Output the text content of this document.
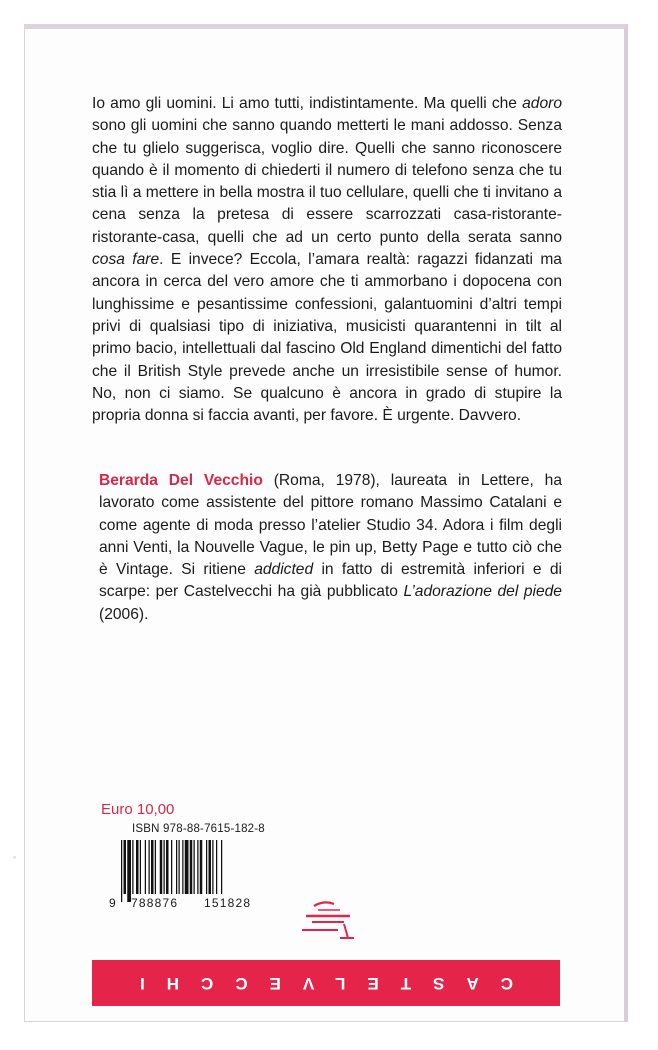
◦

Io amo gli uomini. Li amo tutti, indistintamente. Ma quelli che adoro sono gli uomini che sanno quando metterti le mani addosso. Senza che tu glielo suggerisca, voglio dire. Quelli che sanno riconoscere quando è il momento di chiederti il numero di telefono senza che tu stia lì a mettere in bella mostra il tuo cellulare, quelli che ti invitano a cena senza la pretesa di essere scarrozzati casa-ristorante-ristorante-casa, quelli che ad un certo punto della serata sanno cosa fare. E invece? Eccola, l’amara realtà: ragazzi fidanzati ma ancora in cerca del vero amore che ti ammorbano i dopocena con lunghissime e pesantissime confessioni, galantuomini d’altri tempi privi di qualsiasi tipo di iniziativa, musicisti quarantenni in tilt al primo bacio, intellettuali dal fascino Old England dimentichi del fatto che il British Style prevede anche un irresistibile sense of humor. No, non ci siamo. Se qualcuno è ancora in grado di stupire la propria donna si faccia avanti, per favore. È urgente. Davvero.

Berarda Del Vecchio (Roma, 1978), laureata in Lettere, ha lavorato come assistente del pittore romano Massimo Catalani e come agente di moda presso l’atelier Studio 34. Adora i film degli anni Venti, la Nouvelle Vague, le pin up, Betty Page e tutto ciò che è Vintage. Si ritiene addicted in fatto di estremità inferiori e di scarpe: per Castelvecchi ha già pubblicato L’adorazione del piede (2006).

Euro 10,00
ISBN 978-88-7615-182-8
9 788876 151828
CASTELVECCHI
